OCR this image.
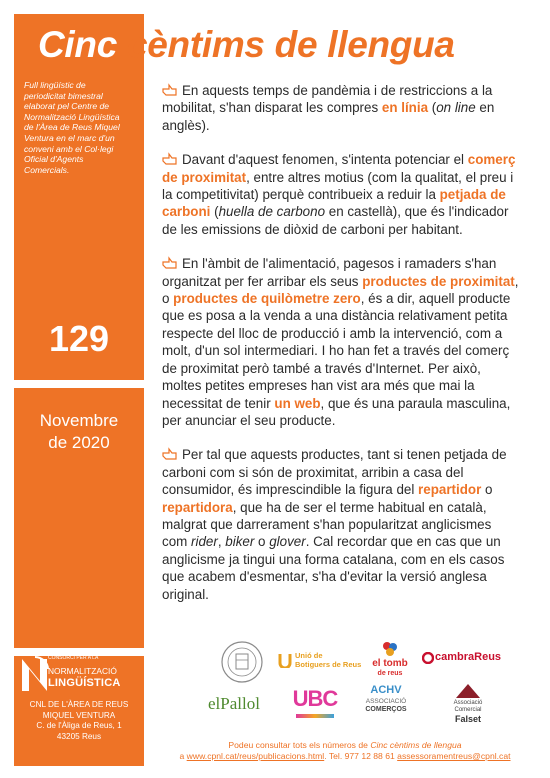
Cinc cèntims de llengua
Full lingüístic de periodicitat bimestral elaborat pel Centre de Normalització Lingüística de l'Àrea de Reus Miquel Ventura en el marc d'un conveni amb el Col·legi Oficial d'Agents Comercials.
129
Novembre
de 2020
CONSORCI PER A LA
NORMALITZACIÓ
LINGÜÍSTICA
CNL DE L'ÀREA DE REUS
MIQUEL VENTURA
C. de l'Àliga de Reus, 1
43205 Reus

En aquests temps de pandèmia i de restriccions a la mobilitat, s'han disparat les compres en línia (on line en anglès).

Davant d'aquest fenomen, s'intenta potenciar el comerç de proximitat, entre altres motius (com la qualitat, el preu i la competitivitat) perquè contribueix a reduir la petjada de carboni (huella de carbono en castellà), que és l'indicador de les emissions de diòxid de carboni per habitant.

En l'àmbit de l'alimentació, pagesos i ramaders s'han organitzat per fer arribar els seus productes de proximitat, o productes de quilòmetre zero, és a dir, aquell producte que es posa a la venda a una distància relativament petita respecte del lloc de producció i amb la intervenció, com a molt, d'un sol intermediari. I ho han fet a través del comerç de proximitat però també a través d'Internet. Per això, moltes petites empreses han vist ara més que mai la necessitat de tenir un web, que és una paraula masculina, per anunciar el seu producte.

Per tal que aquests productes, tant si tenen petjada de carboni com si són de proximitat, arribin a casa del consumidor, és imprescindible la figura del repartidor o repartidora, que ha de ser el terme habitual en català, malgrat que darrerament s'han popularitzat anglicismes com rider, biker o glover. Cal recordar que en cas que un anglicisme ja tingui una forma catalana, com en els casos que acabem d'esmentar, s'ha d'evitar la versió anglesa original.

Unió de
Botiguers de Reus	el tomb
de reus
cambraReus
elPallol UBC	ACHV
ASSOCIACIÓ
COMERÇOS
Associació
Comercial
Falset
Podeu consultar tots els números de Cinc cèntims de llengua
a www.cpnl.cat/reus/publicacions.html. Tel. 977 12 88 61 assessoramentreus@cpnl.cat
